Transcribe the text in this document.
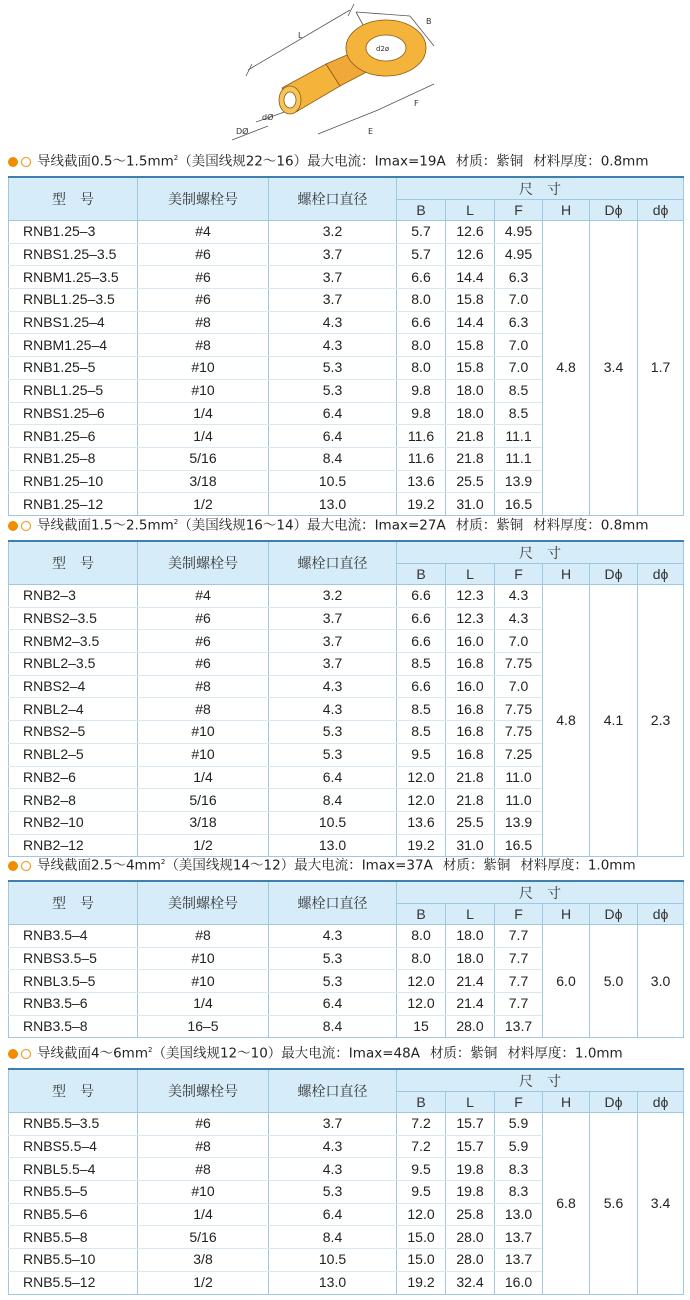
L
B
F
E
DØ
dØ
d2ø
导线截面$0.5\sim 1.5mm^2$（美国线规22～16）最大电流：Imax=19A 材质：紫铜 材料厚度：0.8mm
型　号	美制螺栓号	螺栓口直径	尺　寸					
			B	L	F	H	Dϕ	dϕ
RNB1.25–3	#4	3.2	5.7	12.6	4.95	4.8	3.4	1.7
RNBS1.25–3.5	#6	3.7	5.7	12.6	4.95			
RNBM1.25–3.5	#6	3.7	6.6	14.4	6.3			
RNBL1.25–3.5	#6	3.7	8.0	15.8	7.0			
RNBS1.25–4	#8	4.3	6.6	14.4	6.3			
RNBM1.25–4	#8	4.3	8.0	15.8	7.0			
RNB1.25–5	#10	5.3	8.0	15.8	7.0			
RNBL1.25–5	#10	5.3	9.8	18.0	8.5			
RNBS1.25–6	1/4	6.4	9.8	18.0	8.5			
RNB1.25–6	1/4	6.4	11.6	21.8	11.1			
RNB1.25–8	5/16	8.4	11.6	21.8	11.1			
RNB1.25–10	3/18	10.5	13.6	25.5	13.9			
RNB1.25–12	1/2	13.0	19.2	31.0	16.5			
导线截面$1.5\sim 2.5mm^2$（美国线规16～14）最大电流：Imax=27A 材质：紫铜 材料厚度：0.8mm
型　号	美制螺栓号	螺栓口直径	尺　寸					
			B	L	F	H	Dϕ	dϕ
RNB2–3	#4	3.2	6.6	12.3	4.3	4.8	4.1	2.3
RNBS2–3.5	#6	3.7	6.6	12.3	4.3			
RNBM2–3.5	#6	3.7	6.6	16.0	7.0			
RNBL2–3.5	#6	3.7	8.5	16.8	7.75			
RNBS2–4	#8	4.3	6.6	16.0	7.0			
RNBL2–4	#8	4.3	8.5	16.8	7.75			
RNBS2–5	#10	5.3	8.5	16.8	7.75			
RNBL2–5	#10	5.3	9.5	16.8	7.25			
RNB2–6	1/4	6.4	12.0	21.8	11.0			
RNB2–8	5/16	8.4	12.0	21.8	11.0			
RNB2–10	3/18	10.5	13.6	25.5	13.9			
RNB2–12	1/2	13.0	19.2	31.0	16.5			
导线截面$2.5\sim 4mm^2$（美国线规14～12）最大电流：Imax=37A 材质：紫铜 材料厚度：1.0mm
型　号	美制螺栓号	螺栓口直径	尺　寸					
			B	L	F	H	Dϕ	dϕ
RNB3.5–4	#8	4.3	8.0	18.0	7.7	6.0	5.0	3.0
RNBS3.5–5	#10	5.3	8.0	18.0	7.7			
RNBL3.5–5	#10	5.3	12.0	21.4	7.7			
RNB3.5–6	1/4	6.4	12.0	21.4	7.7			
RNB3.5–8	16–5	8.4	15	28.0	13.7			
导线截面$4\sim 6mm^2$（美国线规12～10）最大电流：Imax=48A 材质：紫铜 材料厚度：1.0mm
型　号	美制螺栓号	螺栓口直径	尺　寸					
			B	L	F	H	Dϕ	dϕ
RNB5.5–3.5	#6	3.7	7.2	15.7	5.9	6.8	5.6	3.4
RNBS5.5–4	#8	4.3	7.2	15.7	5.9			
RNBL5.5–4	#8	4.3	9.5	19.8	8.3			
RNB5.5–5	#10	5.3	9.5	19.8	8.3			
RNB5.5–6	1/4	6.4	12.0	25.8	13.0			
RNB5.5–8	5/16	8.4	15.0	28.0	13.7			
RNB5.5–10	3/8	10.5	15.0	28.0	13.7			
RNB5.5–12	1/2	13.0	19.2	32.4	16.0			
